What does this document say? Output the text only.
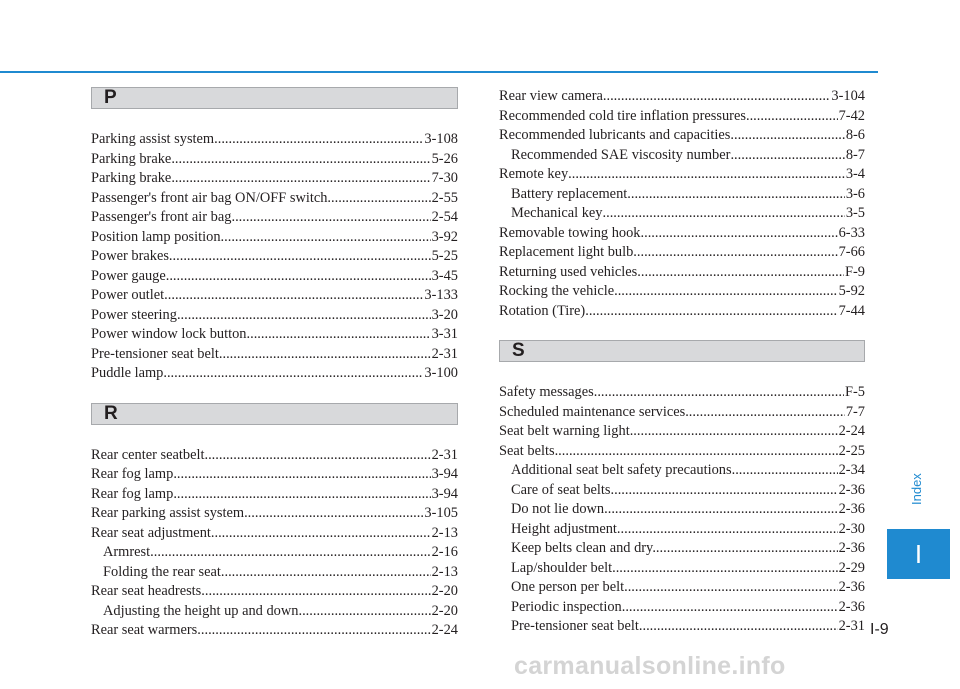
P
Parking assist system .....	3-108
Parking brake .....	5-26
Parking brake .....	7-30
Passenger's front air bag ON/OFF switch .....	2-55
Passenger's front air bag .....	2-54
Position lamp position .....	3-92
Power brakes. .....	5-25
Power gauge .....	3-45
Power outlet .....	3-133
Power steering .....	3-20
Power window lock button .....	3-31
Pre-tensioner seat belt. .....	2-31
Puddle lamp .....	3-100
R
Rear center seatbelt. .....	2-31
Rear fog lamp .....	3-94
Rear fog lamp .....	3-94
Rear parking assist system .....	3-105
Rear seat adjustment .....	2-13
Armrest .....	2-16
Folding the rear seat .....	2-13
Rear seat headrests .....	2-20
Adjusting the height up and down .....	2-20
Rear seat warmers .....	2-24
Rear view camera .....	3-104
Recommended cold tire inflation pressures .....	7-42
Recommended lubricants and capacities .....	8-6
Recommended SAE viscosity number .....	8-7
Remote key .....	3-4
Battery replacement .....	3-6
Mechanical key .....	3-5
Removable towing hook .....	6-33
Replacement light bulb .....	7-66
Returning used vehicles .....	F-9
Rocking the vehicle .....	5-92
Rotation (Tire) .....	7-44
S
Safety messages. .....	F-5
Scheduled maintenance services .....	7-7
Seat belt warning light. .....	2-24
Seat belts .....	2-25
Additional seat belt safety precautions .....	2-34
Care of seat belts .....	2-36
Do not lie down .....	2-36
Height adjustment .....	2-30
Keep belts clean and dry. .....	2-36
Lap/shoulder belt .....	2-29
One person per belt .....	2-36
Periodic inspection. .....	2-36
Pre-tensioner seat belt .....	2-31
Index
I
I-9
carmanualsonline.info
